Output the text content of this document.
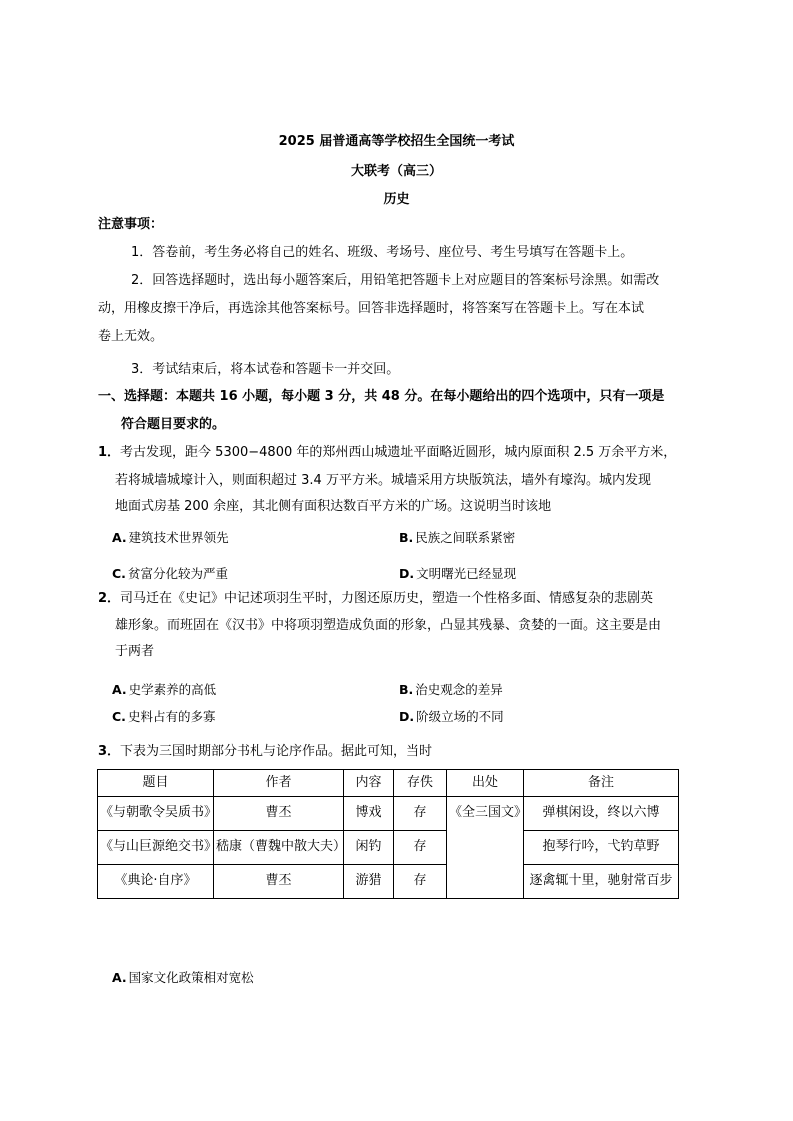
2025 届普通高等学校招生全国统一考试
大联考（高三）
历史
注意事项：
1．答卷前，考生务必将自己的姓名、班级、考场号、座位号、考生号填写在答题卡上。
2．回答选择题时，选出每小题答案后，用铅笔把答题卡上对应题目的答案标号涂黑。如需改
动，用橡皮擦干净后，再选涂其他答案标号。回答非选择题时，将答案写在答题卡上。写在本试
卷上无效。
3．考试结束后，将本试卷和答题卡一并交回。
一、选择题：本题共 16 小题，每小题 3 分，共 48 分。在每小题给出的四个选项中，只有一项是
符合题目要求的。
1．考古发现，距今 5300−4800 年的郑州西山城遗址平面略近圆形，城内原面积 2.5 万余平方米，
若将城墙城壕计入，则面积超过 3.4 万平方米。城墙采用方块版筑法，墙外有壕沟。城内发现
地面式房基 200 余座，其北侧有面积达数百平方米的广场。这说明当时该地
A. 建筑技术世界领先	B. 民族之间联系紧密
C. 贫富分化较为严重	D. 文明曙光已经显现
2．司马迁在《史记》中记述项羽生平时，力图还原历史，塑造一个性格多面、情感复杂的悲剧英
雄形象。而班固在《汉书》中将项羽塑造成负面的形象，凸显其残暴、贪婪的一面。这主要是由
于两者
A. 史学素养的高低	B. 治史观念的差异
C. 史料占有的多寡	D. 阶级立场的不同
3．下表为三国时期部分书札与论序作品。据此可知，当时
题目	作者	内容	存佚	出处	备注
《与朝歌令吴质书》	曹丕	博戏	存	《全三国文》	弹棋闲设，终以六博
《与山巨源绝交书》	嵇康（曹魏中散大夫）	闲钓	存		抱琴行吟，弋钓草野
《典论·自序》	曹丕	游猎	存		逐禽辄十里，驰射常百步
A. 国家文化政策相对宽松
